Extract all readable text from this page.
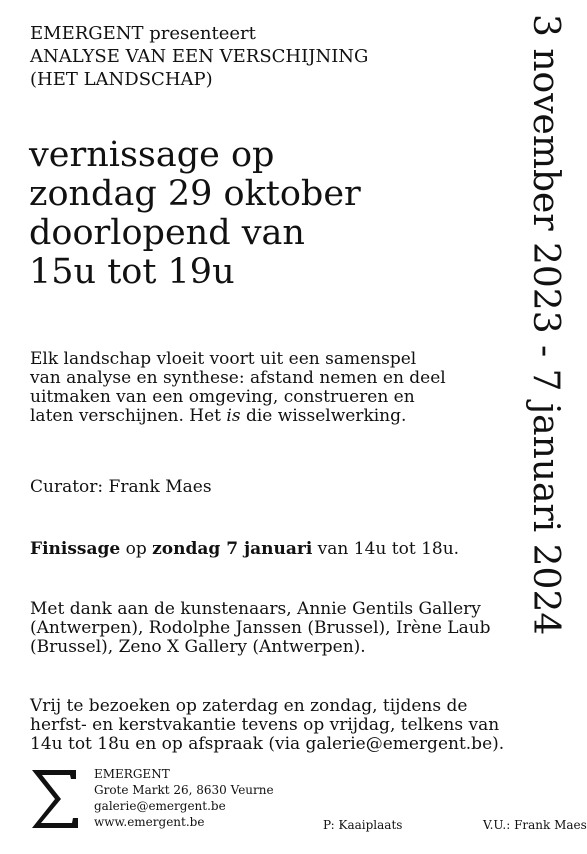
EMERGENT presenteert
ANALYSE VAN EEN VERSCHIJNING
(HET LANDSCHAP)
vernissage op
zondag 29 oktober
doorlopend van
15u tot 19u
Elk landschap vloeit voort uit een samenspel
van analyse en synthese: afstand nemen en deel
uitmaken van een omgeving, construeren en
laten verschijnen. Het is die wisselwerking.
Curator: Frank Maes
Finissage op zondag 7 januari van 14u tot 18u.
Met dank aan de kunstenaars, Annie Gentils Gallery
(Antwerpen), Rodolphe Janssen (Brussel), Irène Laub
(Brussel), Zeno X Gallery (Antwerpen).
Vrij te bezoeken op zaterdag en zondag, tijdens de
herfst- en kerstvakantie tevens op vrijdag, telkens van
14u tot 18u en op afspraak (via galerie@emergent.be).
EMERGENT
Grote Markt 26, 8630 Veurne
galerie@emergent.be
www.emergent.be	P: Kaaiplaats	V.U.: Frank Maes
3 november 2023 - 7 januari 2024
